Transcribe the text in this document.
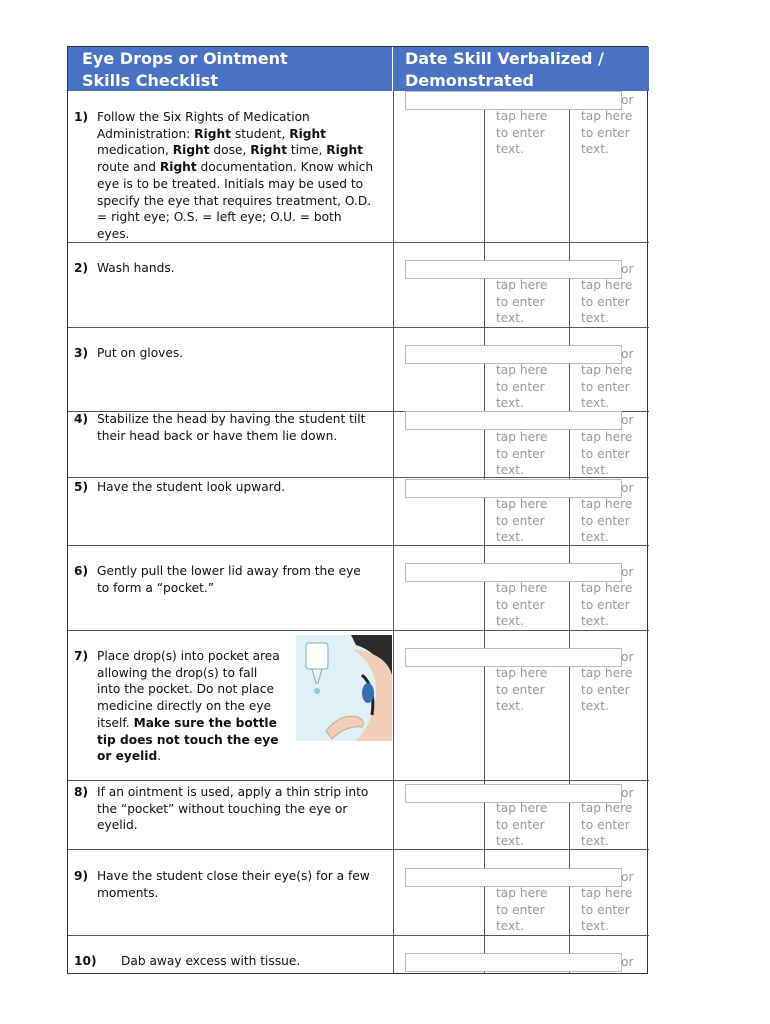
Eye Drops or Ointment
Skills Checklist
Date Skill Verbalized /
Demonstrated
1) Follow the Six Rights of Medication Administration: Right student, Right medication, Right dose, Right time, Right route and Right documentation. Know which eye is to be treated. Initials may be used to specify the eye that requires treatment, O.D. = right eye; O.S. = left eye; O.U. = both eyes.
2) Wash hands.
3) Put on gloves.
4) Stabilize the head by having the student tilt their head back or have them lie down.
5) Have the student look upward.
6) Gently pull the lower lid away from the eye to form a “pocket.”
7) Place drop(s) into pocket area allowing the drop(s) to fall into the pocket. Do not place medicine directly on the eye itself. Make sure the bottle tip does not touch the eye or eyelid.
8) If an ointment is used, apply a thin strip into the “pocket” without touching the eye or eyelid.
9) Have the student close their eye(s) for a few moments.
10) Dab away excess with tissue.
or
or
or
or
or
or
or
or
or
or
tap here
to enter
text.
tap here
to enter
text.
tap here
to enter
text.
tap here
to enter
text.
tap here
to enter
text.
tap here
to enter
text.
tap here
to enter
text.
tap here
to enter
text.
tap here
to enter
text.
tap here
to enter
text.
tap here
to enter
text.
tap here
to enter
text.
tap here
to enter
text.
tap here
to enter
text.
tap here
to enter
text.
tap here
to enter
text.
tap here
to enter
text.
tap here
to enter
text.
